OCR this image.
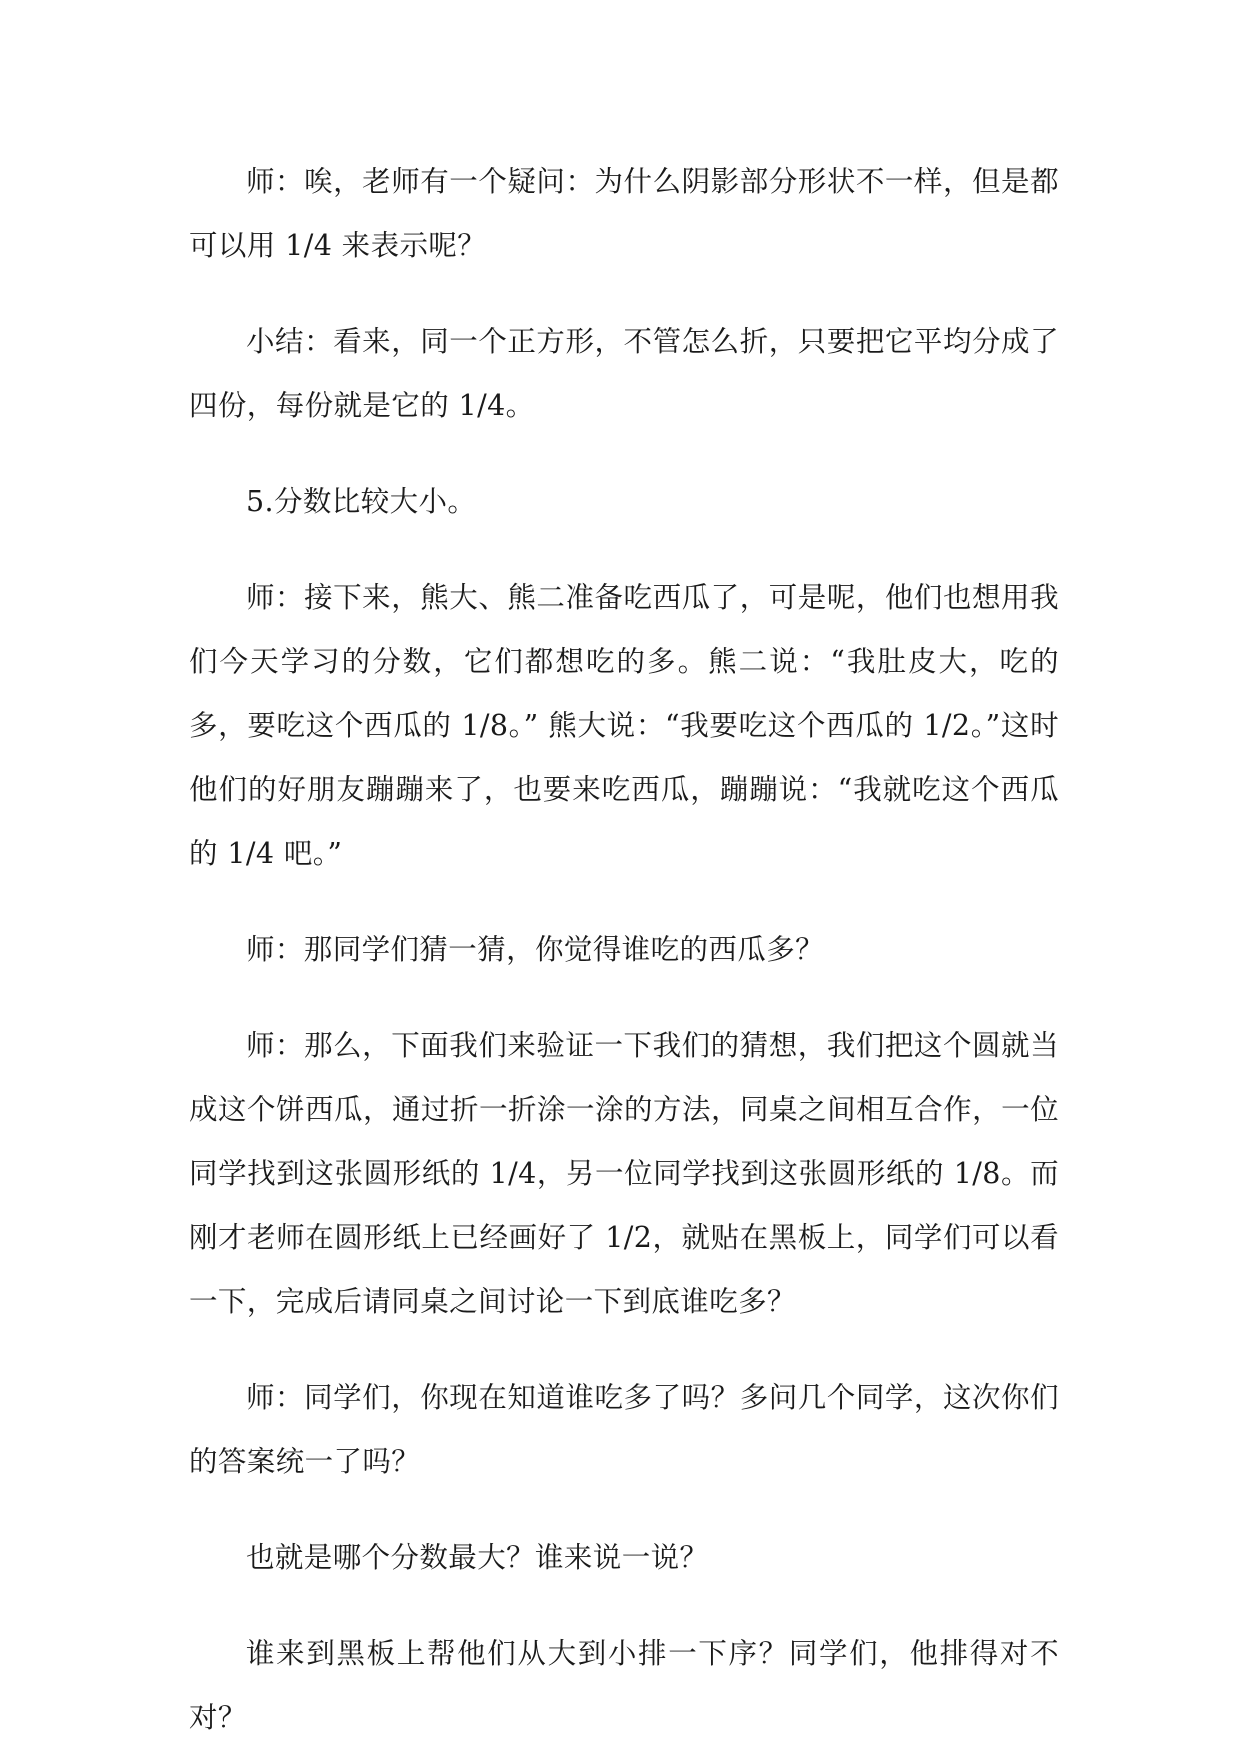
师：唉，老师有一个疑问：为什么阴影部分形状不一样，但是都可以用 1/4 来表示呢？

小结：看来，同一个正方形，不管怎么折，只要把它平均分成了四份，每份就是它的 1/4。

5.分数比较大小。

师：接下来，熊大、熊二准备吃西瓜了，可是呢，他们也想用我们今天学习的分数，它们都想吃的多。熊二说：“我肚皮大，吃的多，要吃这个西瓜的 1/8。” 熊大说：“我要吃这个西瓜的 1/2。”这时他们的好朋友蹦蹦来了，也要来吃西瓜，蹦蹦说：“我就吃这个西瓜的 1/4 吧。”

师：那同学们猜一猜，你觉得谁吃的西瓜多？

师：那么，下面我们来验证一下我们的猜想，我们把这个圆就当成这个饼西瓜，通过折一折涂一涂的方法，同桌之间相互合作，一位同学找到这张圆形纸的 1/4，另一位同学找到这张圆形纸的 1/8。而刚才老师在圆形纸上已经画好了 1/2，就贴在黑板上，同学们可以看一下，完成后请同桌之间讨论一下到底谁吃多？

师：同学们，你现在知道谁吃多了吗？多问几个同学，这次你们的答案统一了吗？

也就是哪个分数最大？谁来说一说？

谁来到黑板上帮他们从大到小排一下序？同学们，他排得对不对？
